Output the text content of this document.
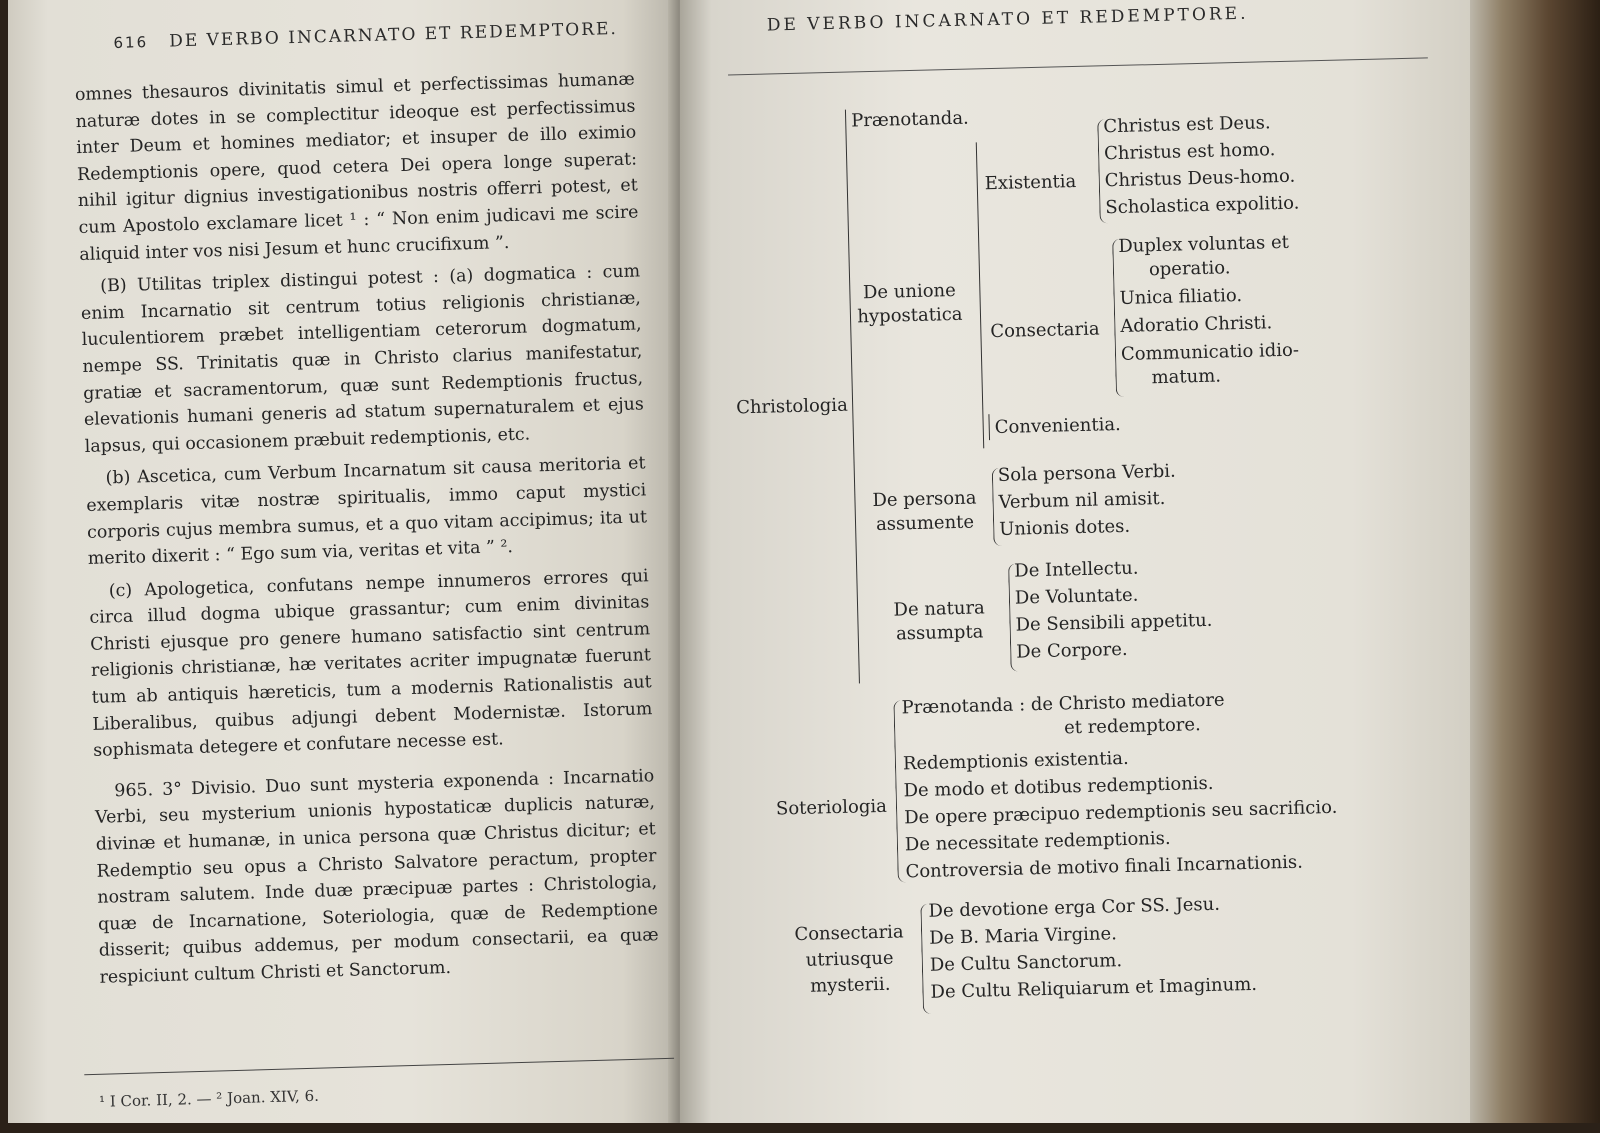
616 DE VERBO INCARNATO ET REDEMPTORE.

omnes thesauros divinitatis simul et perfectissimas humanæ naturæ dotes in se complectitur ideoque est perfectissimus inter Deum et homines mediator; et insuper de illo eximio Redemptionis opere, quod cetera Dei opera longe superat: nihil igitur dignius investigationibus nostris offerri potest, et cum Apostolo exclamare licet ¹ : “ Non enim judicavi me scire aliquid inter vos nisi Jesum et hunc crucifixum ”.

(B) Utilitas triplex distingui potest : (a) dogmatica : cum enim Incarnatio sit centrum totius religionis christianæ, luculentiorem præbet intelligentiam ceterorum dogmatum, nempe SS. Trinitatis quæ in Christo clarius manifestatur, gratiæ et sacramentorum, quæ sunt Redemptionis fructus, elevationis humani generis ad statum supernaturalem et ejus lapsus, qui occasionem præbuit redemptionis, etc.

(b) Ascetica, cum Verbum Incarnatum sit causa meritoria et exemplaris vitæ nostræ spiritualis, immo caput mystici corporis cujus membra sumus, et a quo vitam accipimus; ita ut merito dixerit : “ Ego sum via, veritas et vita ” ².

(c) Apologetica, confutans nempe innumeros errores qui circa illud dogma ubique grassantur; cum enim divinitas Christi ejusque pro genere humano satisfactio sint centrum religionis christianæ, hæ veritates acriter impugnatæ fuerunt tum ab antiquis hæreticis, tum a modernis Rationalistis aut Liberalibus, quibus adjungi debent Modernistæ. Istorum sophismata detegere et confutare necesse est.

965. 3° Divisio. Duo sunt mysteria exponenda : Incarnatio Verbi, seu mysterium unionis hypostaticæ duplicis naturæ, divinæ et humanæ, in unica persona quæ Christus dicitur; et Redemptio seu opus a Christo Salvatore peractum, propter nostram salutem. Inde duæ præcipuæ partes : Christologia, quæ de Incarnatione, Soteriologia, quæ de Redemptione disserit; quibus addemus, per modum consectarii, ea quæ respiciunt cultum Christi et Sanctorum.

¹ I Cor. II, 2. — ² Joan. XIV, 6.
DE VERBO INCARNATO ET REDEMPTORE.
Christologia
Prænotanda.
De unione
hypostatica
Existentia
Christus est Deus.
Christus est homo.
Christus Deus-homo.
Scholastica expolitio.
Consectaria
Duplex voluntas et
operatio.
Unica filiatio.
Adoratio Christi.
Communicatio idio-
matum.
Convenientia.
De persona
assumente
Sola persona Verbi.
Verbum nil amisit.
Unionis dotes.
De natura
assumpta
De Intellectu.
De Voluntate.
De Sensibili appetitu.
De Corpore.
Soteriologia
Prænotanda : de Christo mediatore
et redemptore.
Redemptionis existentia.
De modo et dotibus redemptionis.
De opere præcipuo redemptionis seu sacrificio.
De necessitate redemptionis.
Controversia de motivo finali Incarnationis.
Consectaria
utriusque
mysterii.
De devotione erga Cor SS. Jesu.
De B. Maria Virgine.
De Cultu Sanctorum.
De Cultu Reliquiarum et Imaginum.
